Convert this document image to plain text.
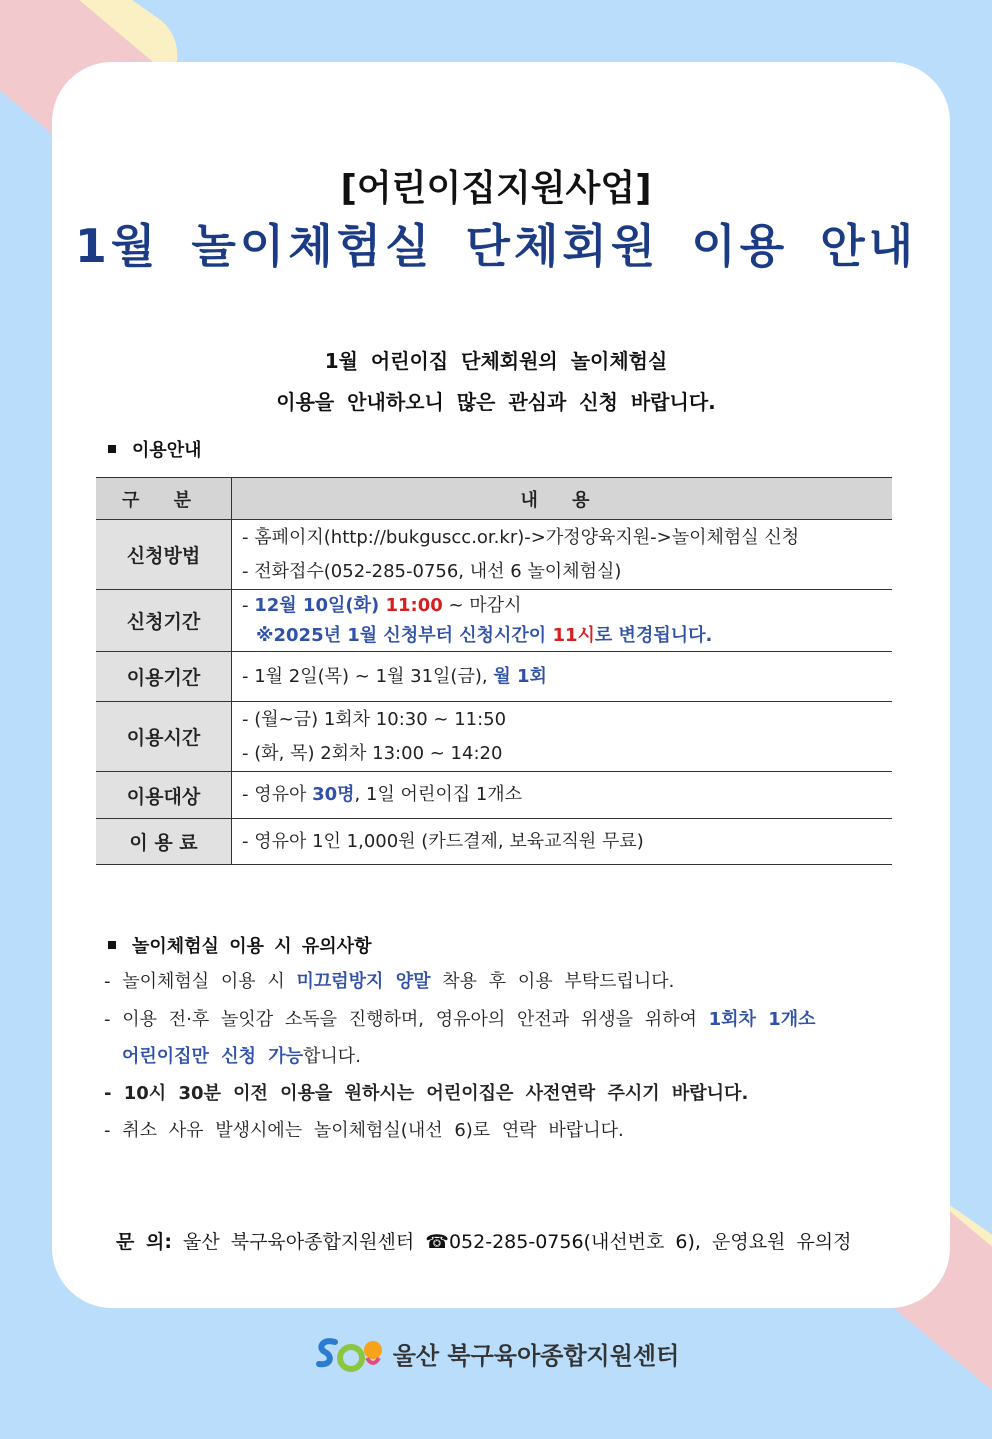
[어린이집지원사업]
1월 놀이체험실 단체회원 이용 안내
1월 어린이집 단체회원의 놀이체험실
이용을 안내하오니 많은 관심과 신청 바랍니다.
이용안내
구 분	내 용
신청방법	- 홈페이지(http://bukguscc.or.kr)->가정양육지원->놀이체험실 신청
- 전화접수(052-285-0756, 내선 6 놀이체험실)

신청기간	- 12월 10일(화) 11:00 ~ 마감시
※2025년 1월 신청부터 신청시간이 11시로 변경됩니다.

이용기간	- 1월 2일(목) ~ 1월 31일(금), 월 1회

이용시간	- (월~금) 1회차 10:30 ~ 11:50
- (화, 목) 2회차 13:00 ~ 14:20

이용대상	- 영유아 30명, 1일 어린이집 1개소

이 용 료	- 영유아 1인 1,000원 (카드결제, 보육교직원 무료)
놀이체험실 이용 시 유의사항
- 놀이체험실 이용 시 미끄럼방지 양말 착용 후 이용 부탁드립니다.
- 이용 전·후 놀잇감 소독을 진행하며, 영유아의 안전과 위생을 위하여 1회차 1개소
어린이집만 신청 가능합니다.
- 10시 30분 이전 이용을 원하시는 어린이집은 사전연락 주시기 바랍니다.
- 취소 사유 발생시에는 놀이체험실(내선 6)로 연락 바랍니다.
문 의: 울산 북구육아종합지원센터 ☎052-285-0756(내선번호 6), 운영요원 유의정
울산 북구육아종합지원센터
